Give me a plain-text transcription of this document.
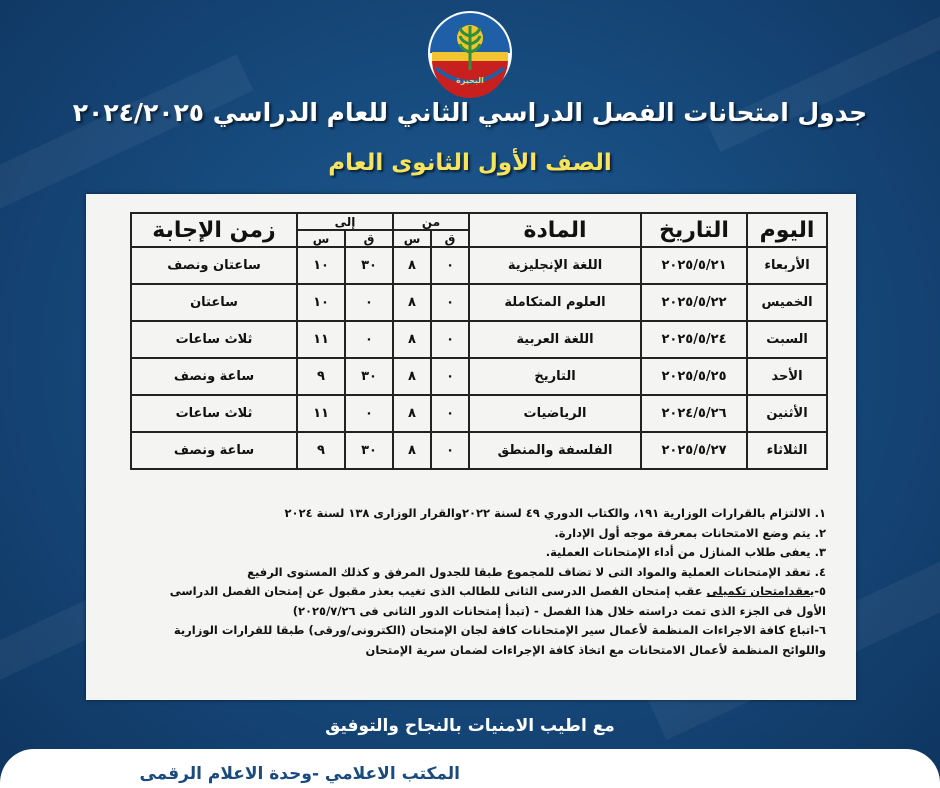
البحيرة
جدول امتحانات الفصل الدراسي الثاني للعام الدراسي ٢٠٢٤/٢٠٢٥
الصف الأول الثانوى العام
اليوم	التاريخ	المادة	من		إلى		زمن الإجابة
			ق	س	ق	س	
الأربعاء	٢٠٢٥/٥/٢١	اللغة الإنجليزية	٠	٨	٣٠	١٠	ساعتان ونصف
الخميس	٢٠٢٥/٥/٢٢	العلوم المتكاملة	٠	٨	٠	١٠	ساعتان
السبت	٢٠٢٥/٥/٢٤	اللغة العربية	٠	٨	٠	١١	ثلاث ساعات
الأحد	٢٠٢٥/٥/٢٥	التاريخ	٠	٨	٣٠	٩	ساعة ونصف
الأثنين	٢٠٢٤/٥/٢٦	الرياضيات	٠	٨	٠	١١	ثلاث ساعات
الثلاثاء	٢٠٢٥/٥/٢٧	الفلسفة والمنطق	٠	٨	٣٠	٩	ساعة ونصف
١. الالتزام بالقرارات الوزارية ١٩١، والكتاب الدوري ٤٩ لسنة ٢٠٢٢والقرار الوزارى ١٣٨ لسنة ٢٠٢٤
٢. يتم وضع الامتحانات بمعرفة موجه أول الإدارة.
٣. يعفى طلاب المنازل من أداء الإمتحانات العملية.
٤. تعقد الإمتحانات العملية والمواد التى لا تضاف للمجموع طبقا للجدول المرفق و كذلك المستوى الرفيع
٥-يعقدامتحان تكميلى عقب إمتحان الفصل الدرسى الثانى للطالب الذى تغيب بعذر مقبول عن إمتحان الفصل الدراسى
الأول فى الجزء الذى تمت دراسته خلال هذا الفصل - (تبدأ إمتحانات الدور الثانى فى ٢٠٢٥/٧/٢٦)
٦-اتباع كافة الاجراءات المنظمة لأعمال سير الإمتحانات كافة لجان الإمتحان (الكترونى/ورقى) طبقا للقرارات الوزارية
واللوائح المنظمة لأعمال الامتحانات مع اتخاذ كافة الإجراءات لضمان سرية الإمتحان
مع اطيب الامنيات بالنجاح والتوفيق
المكتب الاعلامي -وحدة الاعلام الرقمى
